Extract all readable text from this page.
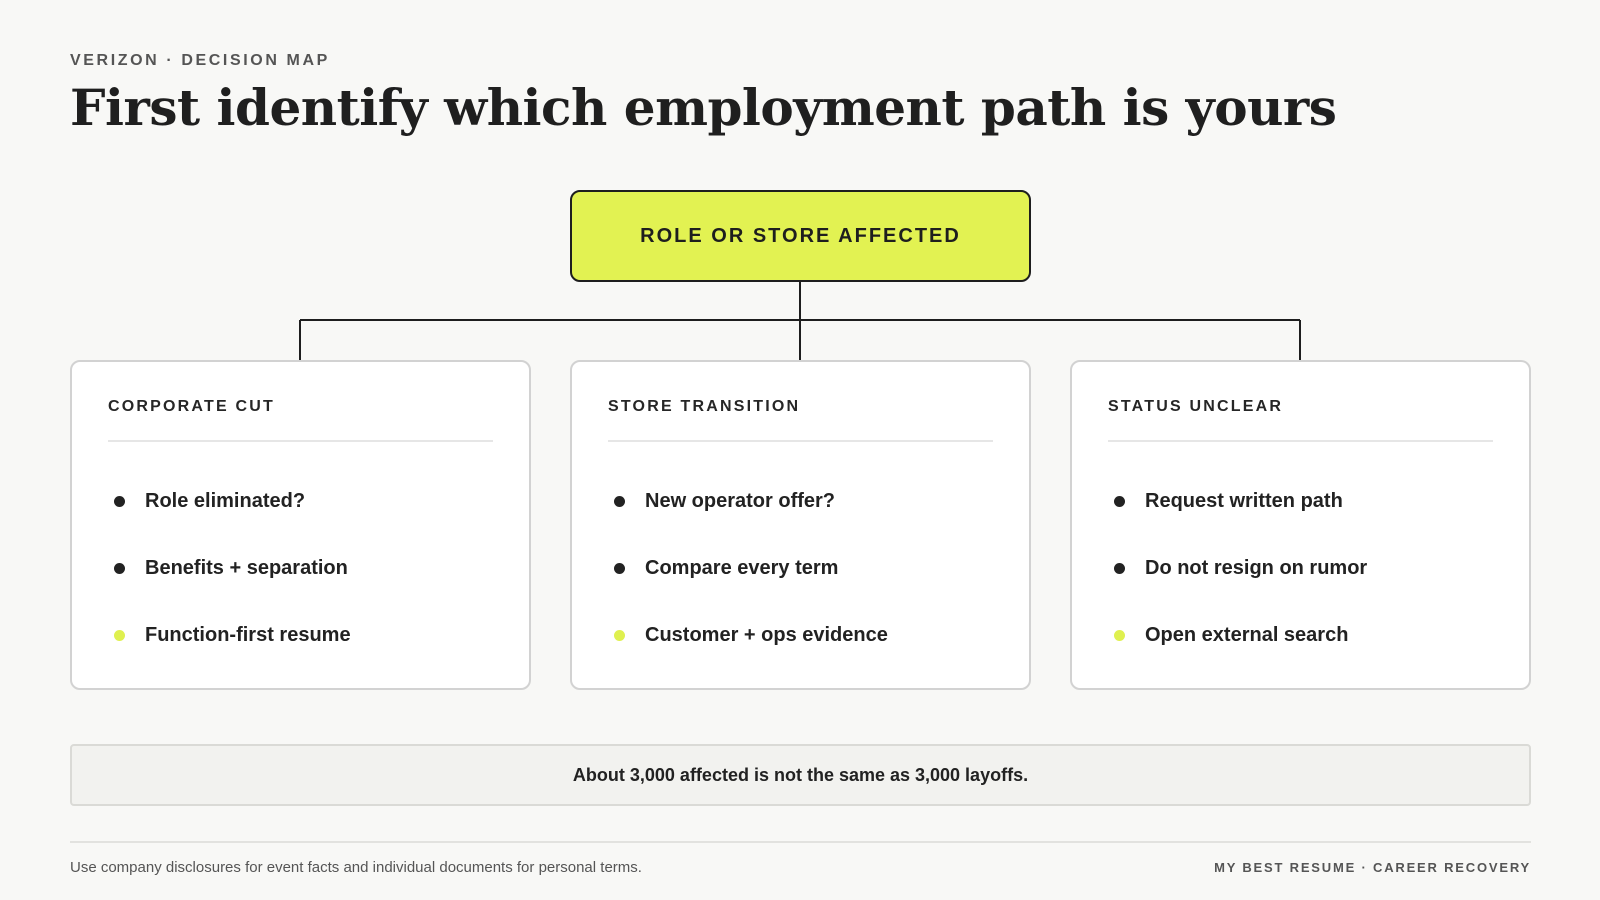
VERIZON · DECISION MAP
First identify which employment path is yours
ROLE OR STORE AFFECTED
CORPORATE CUT
Role eliminated?
Benefits + separation
Function-first resume
STORE TRANSITION
New operator offer?
Compare every term
Customer + ops evidence
STATUS UNCLEAR
Request written path
Do not resign on rumor
Open external search
About 3,000 affected is not the same as 3,000 layoffs.
Use company disclosures for event facts and individual documents for personal terms.	MY BEST RESUME · CAREER RECOVERY
